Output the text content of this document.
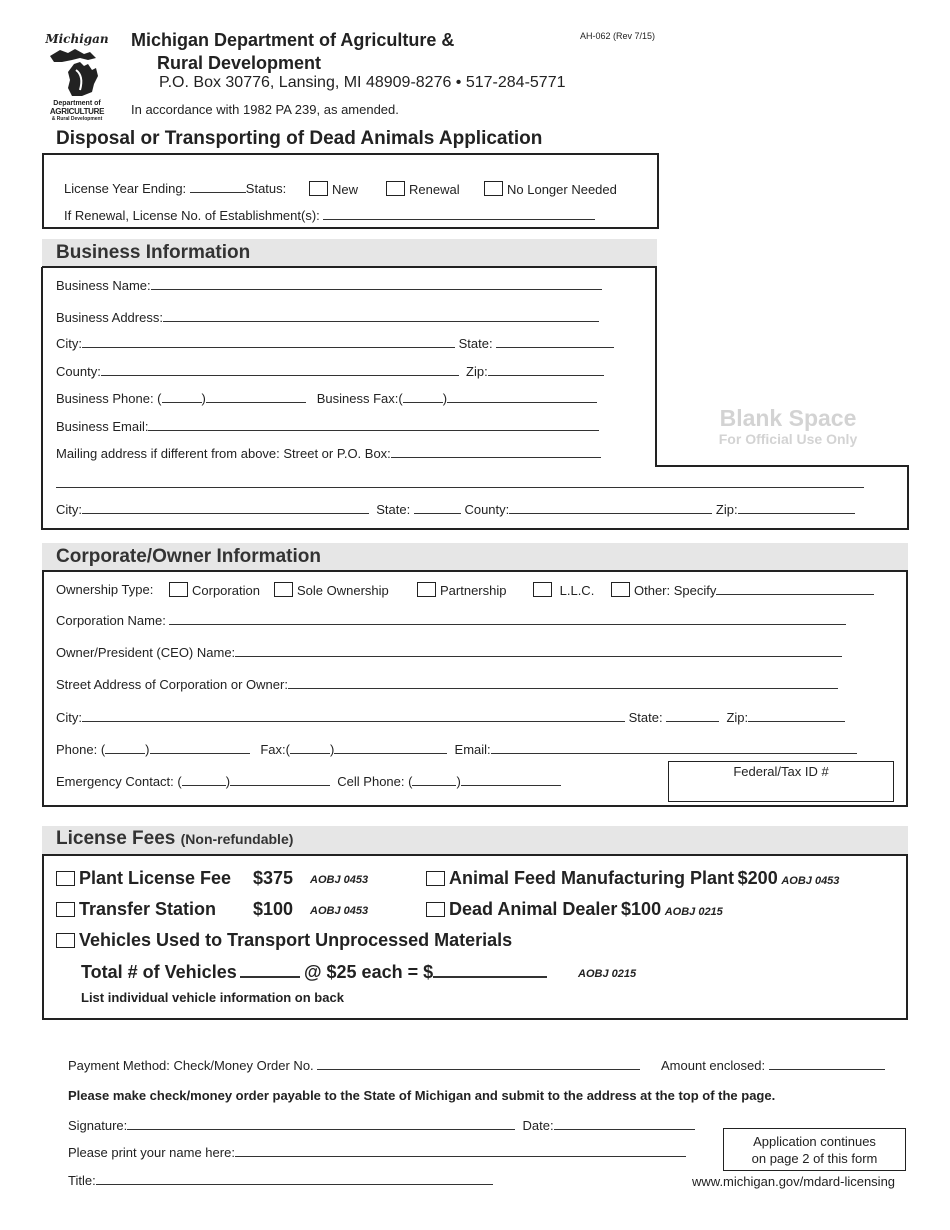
Michigan
Department of
AGRICULTURE
& Rural Development
Michigan Department of Agriculture &
Rural Development
P.O. Box 30776, Lansing, MI 48909-8276 • 517-284-5771
In accordance with 1982 PA 239, as amended.
AH-062 (Rev 7/15)
Disposal or Transporting of Dead Animals Application
License Year Ending:	Status:	New	Renewal	No Longer Needed
If Renewal, License No. of Establishment(s):
Business Information
Blank Space
For Official Use Only
Business Name:
Business Address:
City:	State:
County:	Zip:
Business Phone: (	)	Business Fax:(	)
Business Email:
Mailing address if different from above: Street or P.O. Box:
City:	State:	County:	Zip:
Corporate/Owner Information
Ownership Type:	Corporation	Sole Ownership	Partnership	L.L.C.	Other: Specify
Corporation Name:
Owner/President (CEO) Name:
Street Address of Corporation or Owner:
City:	State:	Zip:
Phone: (	)	Fax:(	)	Email:
Emergency Contact: (	)	Cell Phone: (	)
Federal/Tax ID #
License Fees (Non-refundable)
Plant License Fee $375 AOBJ 0453
Transfer Station $100 AOBJ 0453
Animal Feed Manufacturing Plant $200 AOBJ 0453
Dead Animal Dealer $100 AOBJ 0215
Vehicles Used to Transport Unprocessed Materials
Total # of Vehicles	@ $25 each = $	AOBJ 0215
List individual vehicle information on back
Payment Method: Check/Money Order No.	Amount enclosed:
Please make check/money order payable to the State of Michigan and submit to the address at the top of the page.
Signature:	Date:
Please print your name here:
Title:
Application continues
on page 2 of this form
www.michigan.gov/mdard-licensing
